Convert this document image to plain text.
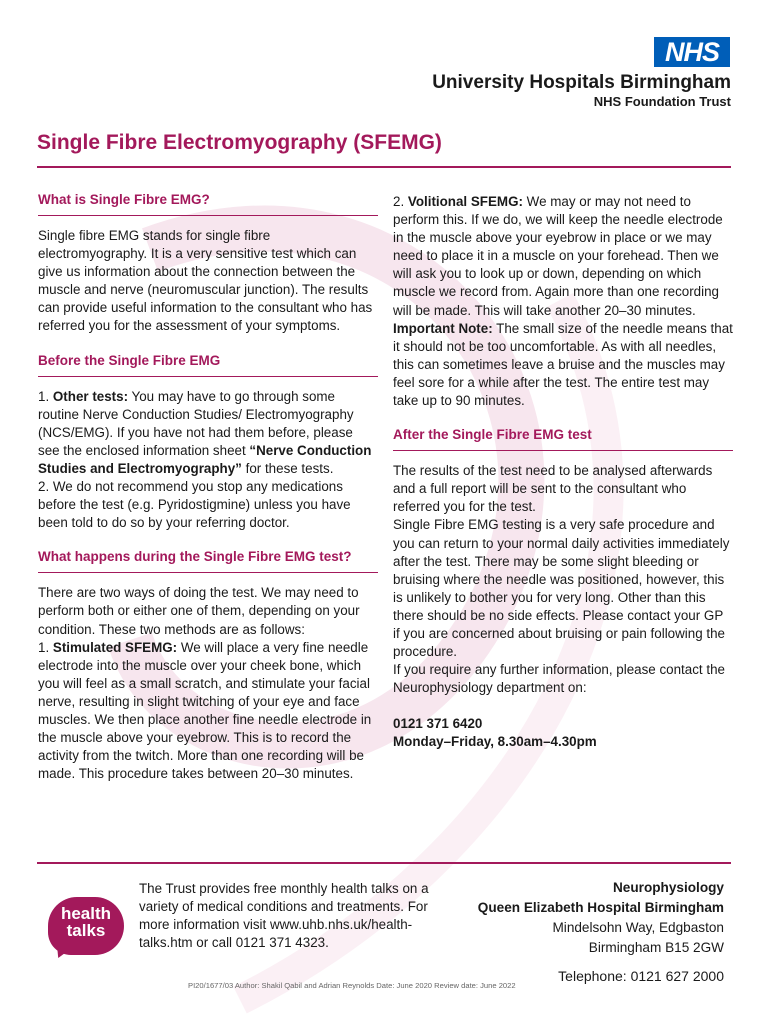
NHS
University Hospitals Birmingham
NHS Foundation Trust
Single Fibre Electromyography (SFEMG)
What is Single Fibre EMG?

Single fibre EMG stands for single fibre electromyography. It is a very sensitive test which can give us information about the connection between the muscle and nerve (neuromuscular junction). The results can provide useful information to the consultant who has referred you for the assessment of your symptoms.

Before the Single Fibre EMG

1. Other tests: You may have to go through some routine Nerve Conduction Studies/ Electromyography (NCS/EMG). If you have not had them before, please see the enclosed information sheet “Nerve Conduction Studies and Electromyography” for these tests.

2. We do not recommend you stop any medications before the test (e.g. Pyridostigmine) unless you have been told to do so by your referring doctor.

What happens during the Single Fibre EMG test?

There are two ways of doing the test. We may need to perform both or either one of them, depending on your condition. These two methods are as follows:

1. Stimulated SFEMG: We will place a very fine needle electrode into the muscle over your cheek bone, which you will feel as a small scratch, and stimulate your facial nerve, resulting in slight twitching of your eye and face muscles. We then place another fine needle electrode in the muscle above your eyebrow. This is to record the activity from the twitch. More than one recording will be made. This procedure takes between 20–30 minutes.

2. Volitional SFEMG: We may or may not need to perform this. If we do, we will keep the needle electrode in the muscle above your eyebrow in place or we may need to place it in a muscle on your forehead. Then we will ask you to look up or down, depending on which muscle we record from. Again more than one recording will be made. This will take another 20–30 minutes.

Important Note: The small size of the needle means that it should not be too uncomfortable. As with all needles, this can sometimes leave a bruise and the muscles may feel sore for a while after the test. The entire test may take up to 90 minutes.

After the Single Fibre EMG test

The results of the test need to be analysed afterwards and a full report will be sent to the consultant who referred you for the test.

Single Fibre EMG testing is a very safe procedure and you can return to your normal daily activities immediately after the test. There may be some slight bleeding or bruising where the needle was positioned, however, this is unlikely to bother you for very long. Other than this there should be no side effects. Please contact your GP if you are concerned about bruising or pain following the procedure.

If you require any further information, please contact the Neurophysiology department on:

0121 371 6420
Monday–Friday, 8.30am–4.30pm
health
talks
The Trust provides free monthly health talks on a variety of medical conditions and treatments. For more information visit www.uhb.nhs.uk/health-talks.htm or call 0121 371 4323.
Neurophysiology
Queen Elizabeth Hospital Birmingham
Mindelsohn Way, Edgbaston
Birmingham B15 2GW
Telephone: 0121 627 2000
PI20/1677/03 Author: Shakil Qabil and Adrian Reynolds Date: June 2020 Review date: June 2022
